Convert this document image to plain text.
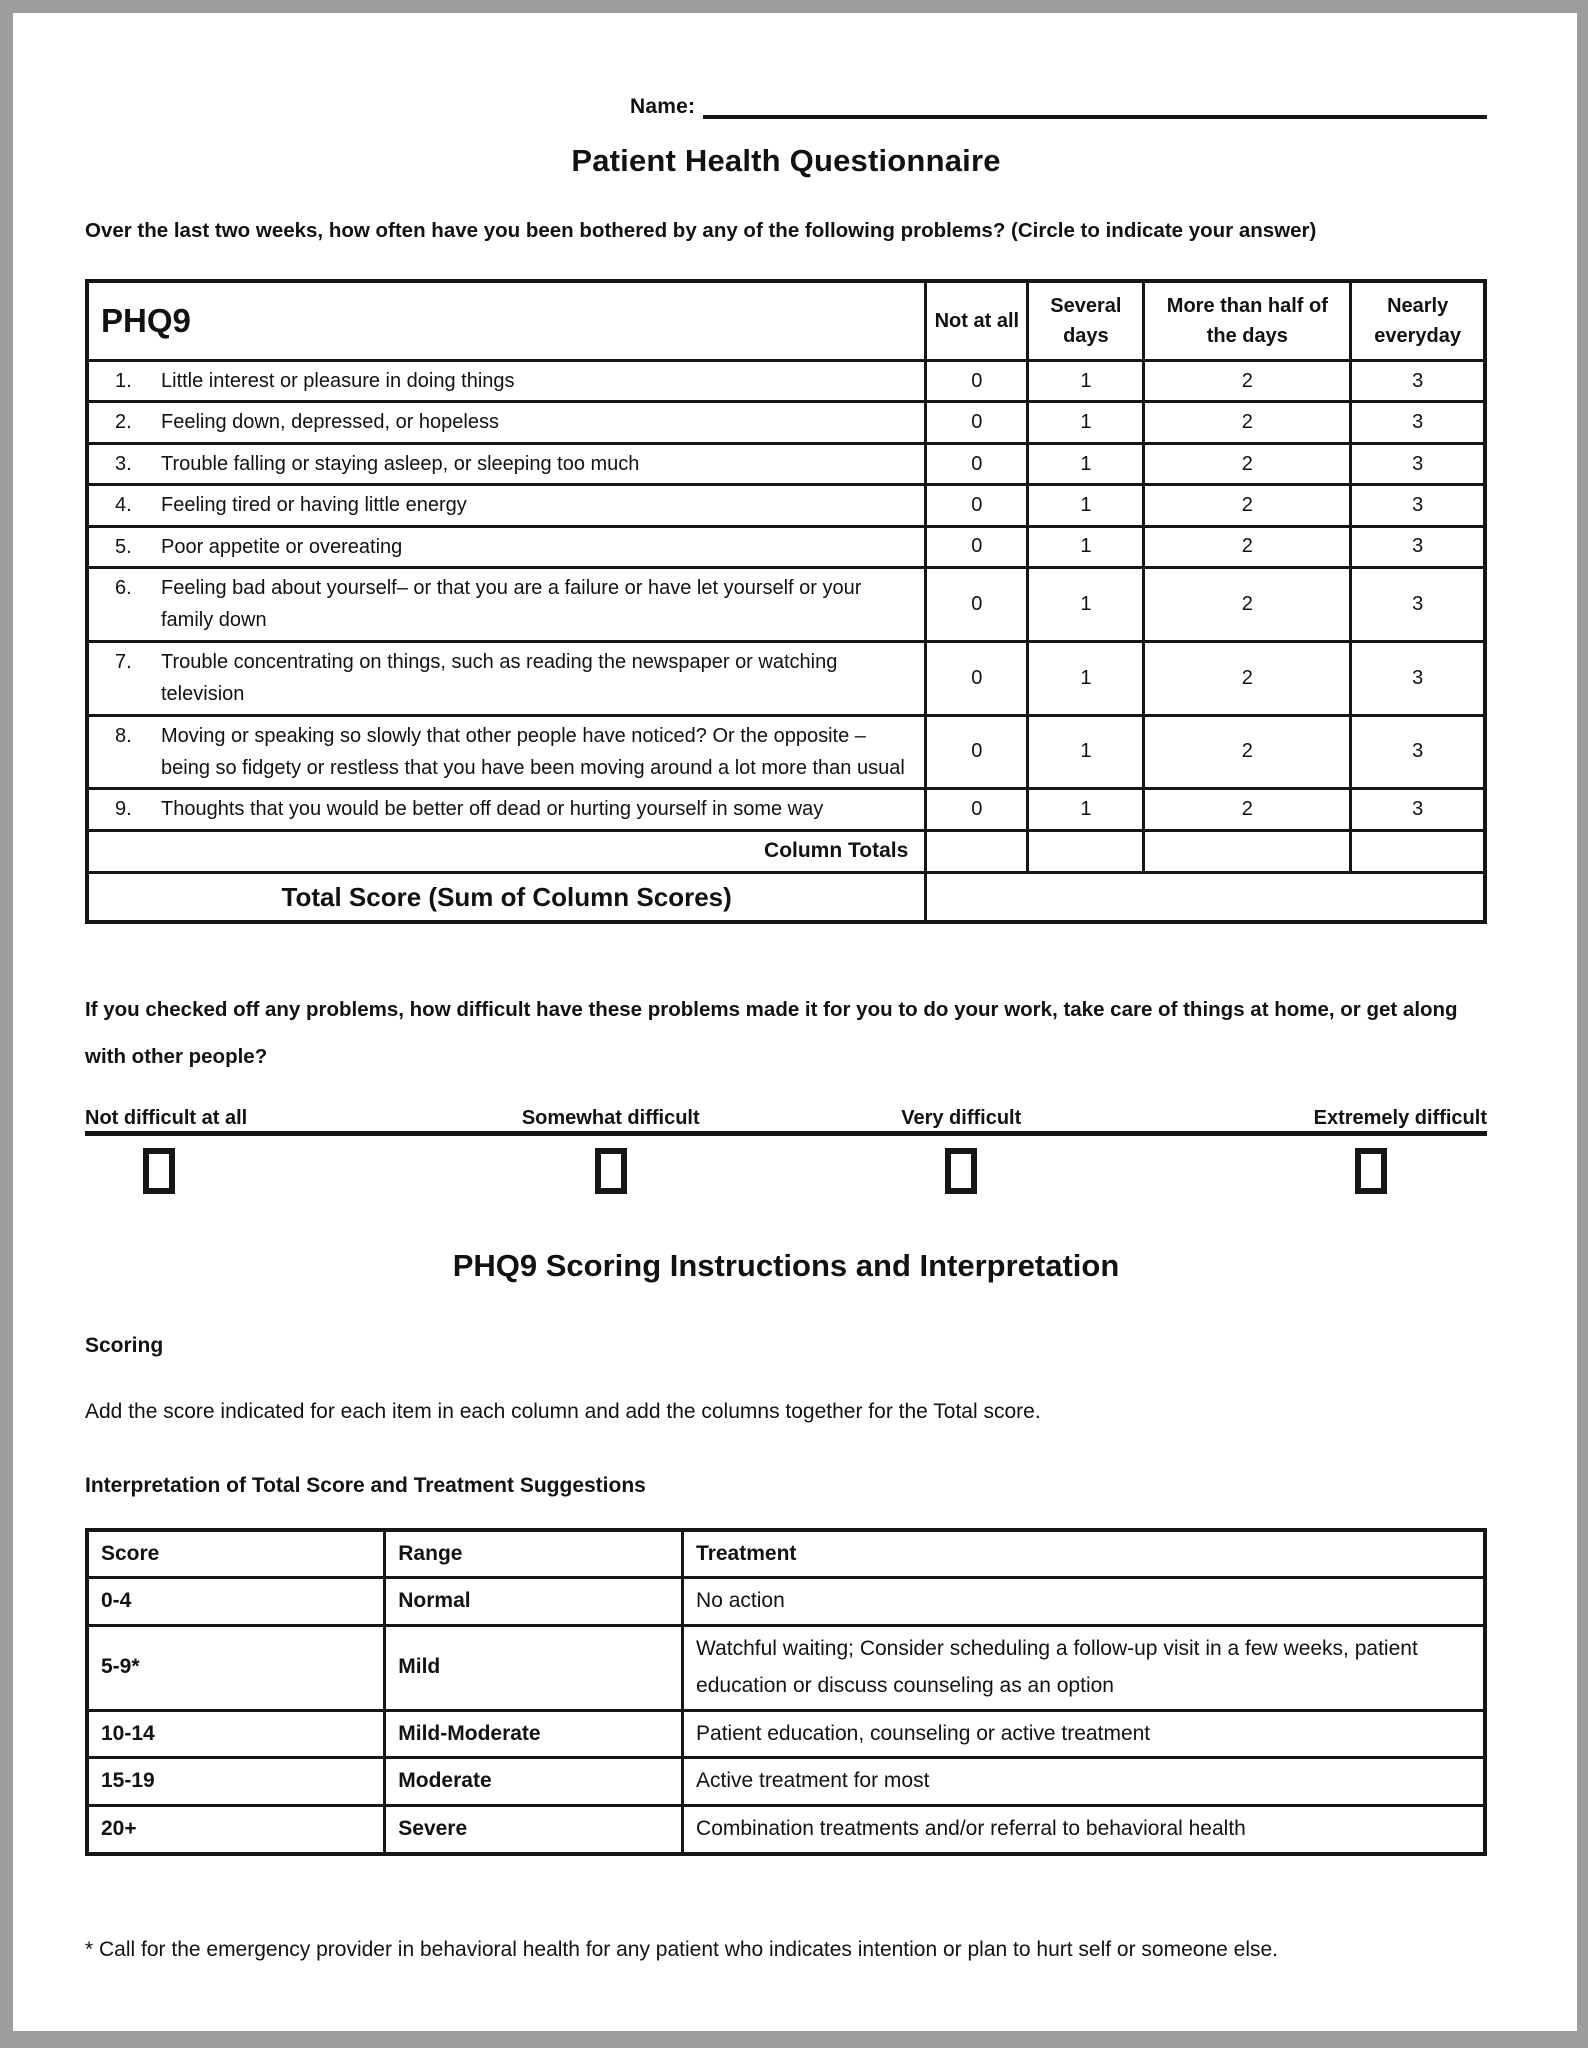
Name:
Patient Health Questionnaire

Over the last two weeks, how often have you been bothered by any of the following problems? (Circle to indicate your answer)

PHQ9	Not at all	Several days	More than half of the days	Nearly everyday

1. Little interest or pleasure in doing things	0	1	2	3

2. Feeling down, depressed, or hopeless	0	1	2	3

3. Trouble falling or staying asleep, or sleeping too much	0	1	2	3

4. Feeling tired or having little energy	0	1	2	3

5. Poor appetite or overeating	0	1	2	3

6. Feeling bad about yourself– or that you are a failure or have let yourself or your family down	0	1	2	3

7. Trouble concentrating on things, such as reading the newspaper or watching television	0	1	2	3

8. Moving or speaking so slowly that other people have noticed? Or the opposite – being so fidgety or restless that you have been moving around a lot more than usual	0	1	2	3

9. Thoughts that you would be better off dead or hurting yourself in some way	0	1	2	3
Column Totals				
Total Score (Sum of Column Scores)				

If you checked off any problems, how difficult have these problems made it for you to do your work, take care of things at home, or get along with other people?

Not difficult at all	Somewhat difficult	Very difficult	Extremely difficult
PHQ9 Scoring Instructions and Interpretation

Scoring

Add the score indicated for each item in each column and add the columns together for the Total score.

Interpretation of Total Score and Treatment Suggestions

Score	Range	Treatment
0-4	Normal	No action
5-9*	Mild	Watchful waiting; Consider scheduling a follow-up visit in a few weeks, patient education or discuss counseling as an option
10-14	Mild-Moderate	Patient education, counseling or active treatment
15-19	Moderate	Active treatment for most
20+	Severe	Combination treatments and/or referral to behavioral health

* Call for the emergency provider in behavioral health for any patient who indicates intention or plan to hurt self or someone else.
